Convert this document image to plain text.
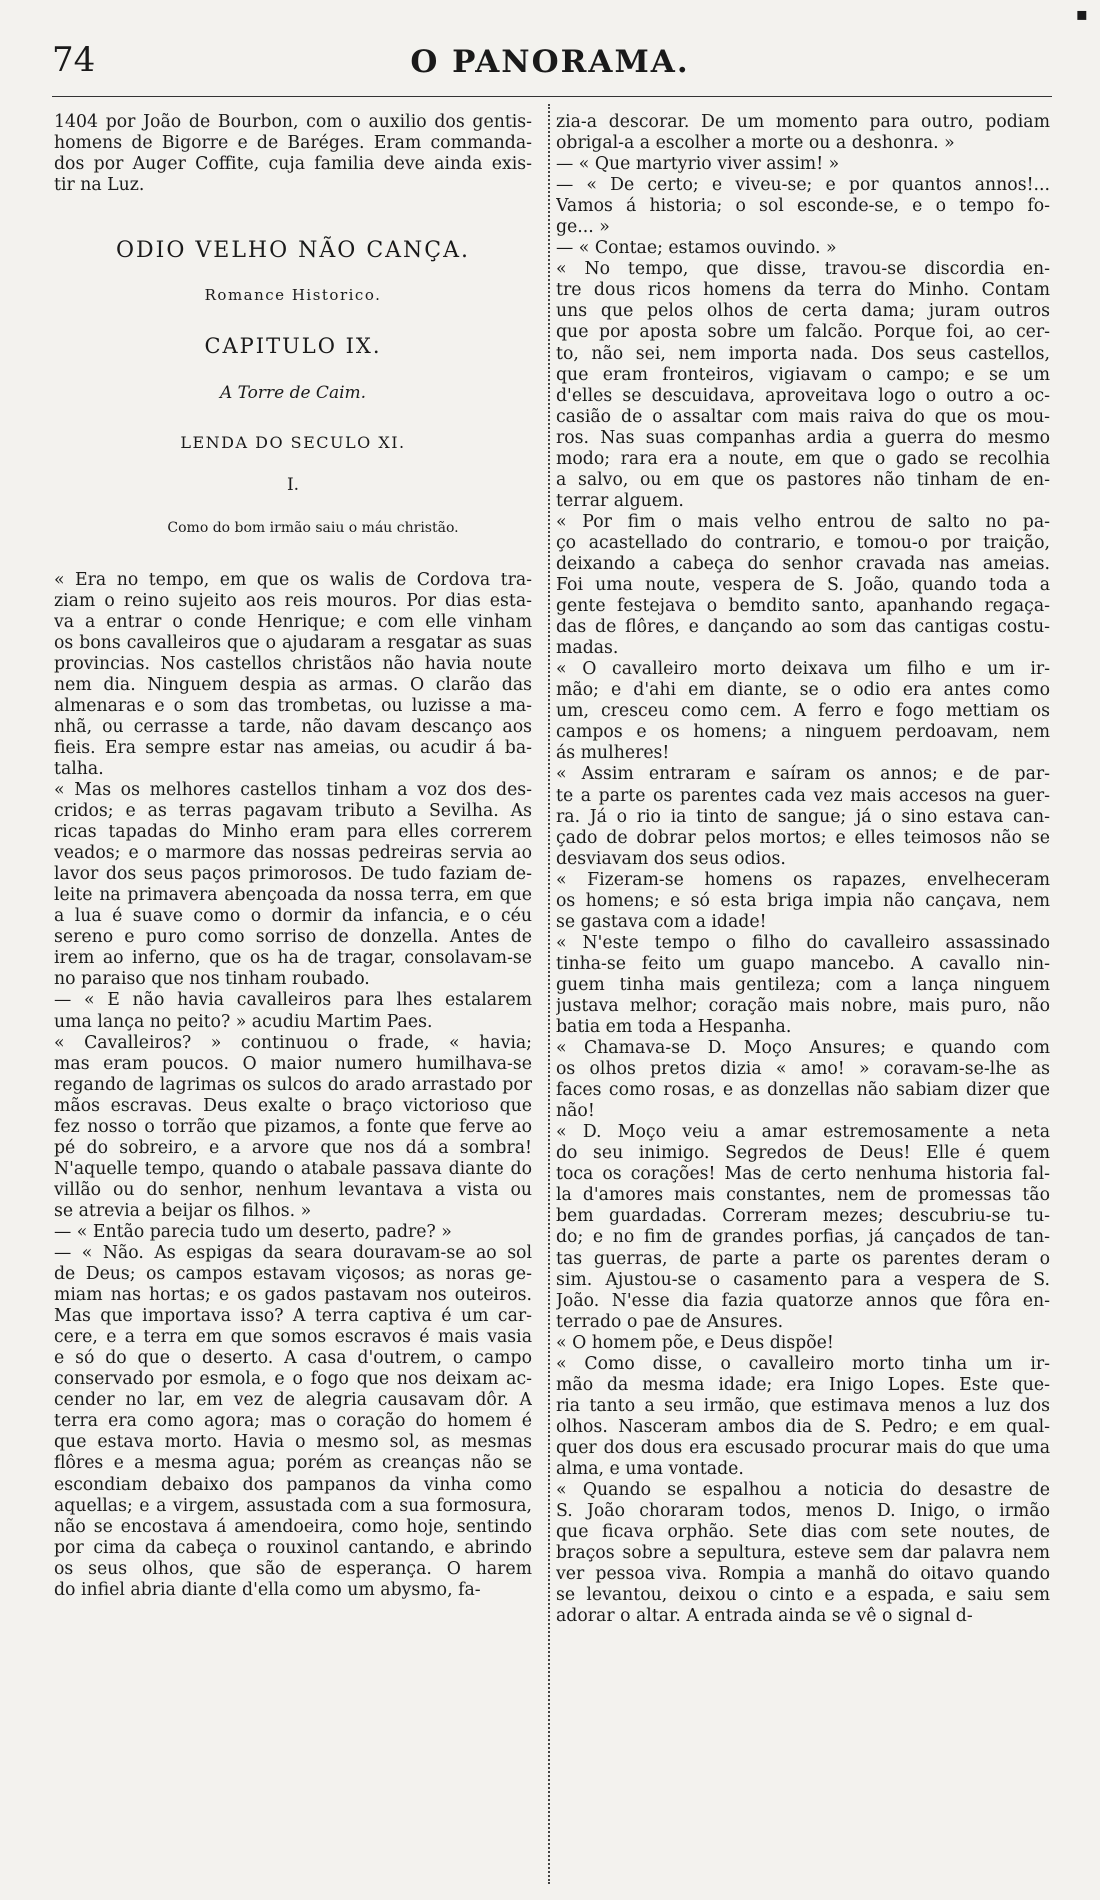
74	O PANORAMA.
▪
1404 por João de Bourbon, com o auxilio dos gentis-
homens de Bigorre e de Baréges. Eram commanda-
dos por Auger Coffite, cuja familia deve ainda exis-
tir na Luz.
ODIO VELHO NÃO CANÇA.
Romance Historico.
CAPITULO IX.
A Torre de Caim.
LENDA DO SECULO XI.
I.
Como do bom irmão saiu o máu christão.
« Era no tempo, em que os walis de Cordova tra-
ziam o reino sujeito aos reis mouros. Por dias esta-
va a entrar o conde Henrique; e com elle vinham
os bons cavalleiros que o ajudaram a resgatar as suas
provincias. Nos castellos christãos não havia noute
nem dia. Ninguem despia as armas. O clarão das
almenaras e o som das trombetas, ou luzisse a ma-
nhã, ou cerrasse a tarde, não davam descanço aos
fieis. Era sempre estar nas ameias, ou acudir á ba-
talha.
« Mas os melhores castellos tinham a voz dos des-
cridos; e as terras pagavam tributo a Sevilha. As
ricas tapadas do Minho eram para elles correrem
veados; e o marmore das nossas pedreiras servia ao
lavor dos seus paços primorosos. De tudo faziam de-
leite na primavera abençoada da nossa terra, em que
a lua é suave como o dormir da infancia, e o céu
sereno e puro como sorriso de donzella. Antes de
irem ao inferno, que os ha de tragar, consolavam-se
no paraiso que nos tinham roubado.
— « E não havia cavalleiros para lhes estalarem
uma lança no peito? » acudiu Martim Paes.
« Cavalleiros? » continuou o frade, « havia;
mas eram poucos. O maior numero humilhava-se
regando de lagrimas os sulcos do arado arrastado por
mãos escravas. Deus exalte o braço victorioso que
fez nosso o torrão que pizamos, a fonte que ferve ao
pé do sobreiro, e a arvore que nos dá a sombra!
N'aquelle tempo, quando o atabale passava diante do
villão ou do senhor, nenhum levantava a vista ou
se atrevia a beijar os filhos. »
— « Então parecia tudo um deserto, padre? »
— « Não. As espigas da seara douravam-se ao sol
de Deus; os campos estavam viçosos; as noras ge-
miam nas hortas; e os gados pastavam nos outeiros.
Mas que importava isso? A terra captiva é um car-
cere, e a terra em que somos escravos é mais vasia
e só do que o deserto. A casa d'outrem, o campo
conservado por esmola, e o fogo que nos deixam ac-
cender no lar, em vez de alegria causavam dôr. A
terra era como agora; mas o coração do homem é
que estava morto. Havia o mesmo sol, as mesmas
flôres e a mesma agua; porém as creanças não se
escondiam debaixo dos pampanos da vinha como
aquellas; e a virgem, assustada com a sua formosura,
não se encostava á amendoeira, como hoje, sentindo
por cima da cabeça o rouxinol cantando, e abrindo
os seus olhos, que são de esperança. O harem
do infiel abria diante d'ella como um abysmo, fa-
zia-a descorar. De um momento para outro, podiam
obrigal-a a escolher a morte ou a deshonra. »
— « Que martyrio viver assim! »
— « De certo; e viveu-se; e por quantos annos!...
Vamos á historia; o sol esconde-se, e o tempo fo-
ge... »
— « Contae; estamos ouvindo. »
« No tempo, que disse, travou-se discordia en-
tre dous ricos homens da terra do Minho. Contam
uns que pelos olhos de certa dama; juram outros
que por aposta sobre um falcão. Porque foi, ao cer-
to, não sei, nem importa nada. Dos seus castellos,
que eram fronteiros, vigiavam o campo; e se um
d'elles se descuidava, aproveitava logo o outro a oc-
casião de o assaltar com mais raiva do que os mou-
ros. Nas suas companhas ardia a guerra do mesmo
modo; rara era a noute, em que o gado se recolhia
a salvo, ou em que os pastores não tinham de en-
terrar alguem.
« Por fim o mais velho entrou de salto no pa-
ço acastellado do contrario, e tomou-o por traição,
deixando a cabeça do senhor cravada nas ameias.
Foi uma noute, vespera de S. João, quando toda a
gente festejava o bemdito santo, apanhando regaça-
das de flôres, e dançando ao som das cantigas costu-
madas.
« O cavalleiro morto deixava um filho e um ir-
mão; e d'ahi em diante, se o odio era antes como
um, cresceu como cem. A ferro e fogo mettiam os
campos e os homens; a ninguem perdoavam, nem
ás mulheres!
« Assim entraram e saíram os annos; e de par-
te a parte os parentes cada vez mais accesos na guer-
ra. Já o rio ia tinto de sangue; já o sino estava can-
çado de dobrar pelos mortos; e elles teimosos não se
desviavam dos seus odios.
« Fizeram-se homens os rapazes, envelheceram
os homens; e só esta briga impia não cançava, nem
se gastava com a idade!
« N'este tempo o filho do cavalleiro assassinado
tinha-se feito um guapo mancebo. A cavallo nin-
guem tinha mais gentileza; com a lança ninguem
justava melhor; coração mais nobre, mais puro, não
batia em toda a Hespanha.
« Chamava-se D. Moço Ansures; e quando com
os olhos pretos dizia « amo! » coravam-se-lhe as
faces como rosas, e as donzellas não sabiam dizer que
não!
« D. Moço veiu a amar estremosamente a neta
do seu inimigo. Segredos de Deus! Elle é quem
toca os corações! Mas de certo nenhuma historia fal-
la d'amores mais constantes, nem de promessas tão
bem guardadas. Correram mezes; descubriu-se tu-
do; e no fim de grandes porfias, já cançados de tan-
tas guerras, de parte a parte os parentes deram o
sim. Ajustou-se o casamento para a vespera de S.
João. N'esse dia fazia quatorze annos que fôra en-
terrado o pae de Ansures.
« O homem põe, e Deus dispõe!
« Como disse, o cavalleiro morto tinha um ir-
mão da mesma idade; era Inigo Lopes. Este que-
ria tanto a seu irmão, que estimava menos a luz dos
olhos. Nasceram ambos dia de S. Pedro; e em qual-
quer dos dous era escusado procurar mais do que uma
alma, e uma vontade.
« Quando se espalhou a noticia do desastre de
S. João choraram todos, menos D. Inigo, o irmão
que ficava orphão. Sete dias com sete noutes, de
braços sobre a sepultura, esteve sem dar palavra nem
ver pessoa viva. Rompia a manhã do oitavo quando
se levantou, deixou o cinto e a espada, e saiu sem
adorar o altar. A entrada ainda se vê o signal d-
